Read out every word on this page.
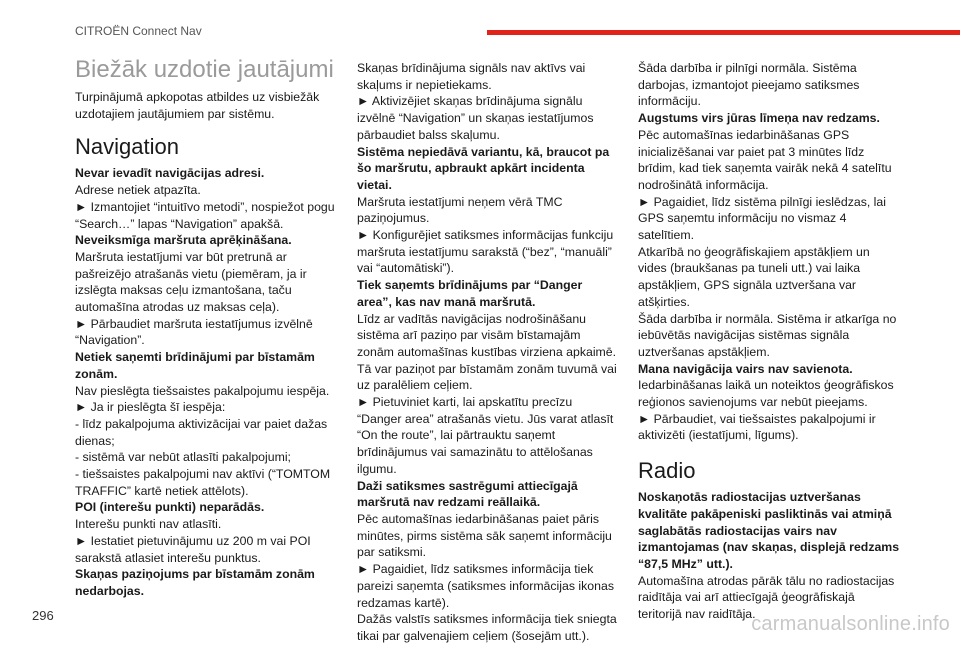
CITROËN Connect Nav
Biežāk uzdotie jautājumi

Turpinājumā apkopotas atbildes uz visbiežāk uzdotajiem jautājumiem par sistēmu.

Navigation

Nevar ievadīt navigācijas adresi.

Adrese netiek atpazīta.

► Izmantojiet “intuitīvo metodi”, nospiežot pogu “Search…” lapas “Navigation” apakšā.

Neveiksmīga maršruta aprēķināšana.

Maršruta iestatījumi var būt pretrunā ar pašreizējo atrašanās vietu (piemēram, ja ir izslēgta maksas ceļu izmantošana, taču automašīna atrodas uz maksas ceļa).

► Pārbaudiet maršruta iestatījumus izvēlnē “Navigation”.

Netiek saņemti brīdinājumi par bīstamām zonām.

Nav pieslēgta tiešsaistes pakalpojumu iespēja.

► Ja ir pieslēgta šī iespēja:

- līdz pakalpojuma aktivizācijai var paiet dažas dienas;

- sistēmā var nebūt atlasīti pakalpojumi;

- tiešsaistes pakalpojumi nav aktīvi (“TOMTOM TRAFFIC” kartē netiek attēlots).

POI (interešu punkti) neparādās.

Interešu punkti nav atlasīti.

► Iestatiet pietuvinājumu uz 200 m vai POI sarakstā atlasiet interešu punktus.

Skaņas paziņojums par bīstamām zonām nedarbojas.

Skaņas brīdinājuma signāls nav aktīvs vai skaļums ir nepietiekams.

► Aktivizējiet skaņas brīdinājuma signālu izvēlnē “Navigation” un skaņas iestatījumos pārbaudiet balss skaļumu.

Sistēma nepiedāvā variantu, kā, braucot pa šo maršrutu, apbraukt apkārt incidenta vietai.

Maršruta iestatījumi neņem vērā TMC paziņojumus.

► Konfigurējiet satiksmes informācijas funkciju maršruta iestatījumu sarakstā (“bez”, “manuāli” vai “automātiski”).

Tiek saņemts brīdinājums par “Danger area”, kas nav manā maršrutā.

Līdz ar vadītās navigācijas nodrošināšanu sistēma arī paziņo par visām bīstamajām zonām automašīnas kustības virziena apkaimē. Tā var paziņot par bīstamām zonām tuvumā vai uz paralēliem ceļiem.

► Pietuviniet karti, lai apskatītu precīzu “Danger area” atrašanās vietu. Jūs varat atlasīt “On the route”, lai pārtrauktu saņemt brīdinājumus vai samazinātu to attēlošanas ilgumu.

Daži satiksmes sastrēgumi attiecīgajā maršrutā nav redzami reāllaikā.

Pēc automašīnas iedarbināšanas paiet pāris minūtes, pirms sistēma sāk saņemt informāciju par satiksmi.

► Pagaidiet, līdz satiksmes informācija tiek pareizi saņemta (satiksmes informācijas ikonas redzamas kartē).

Dažās valstīs satiksmes informācija tiek sniegta tikai par galvenajiem ceļiem (šosejām utt.).

Šāda darbība ir pilnīgi normāla. Sistēma darbojas, izmantojot pieejamo satiksmes informāciju.

Augstums virs jūras līmeņa nav redzams.

Pēc automašīnas iedarbināšanas GPS inicializēšanai var paiet pat 3 minūtes līdz brīdim, kad tiek saņemta vairāk nekā 4 satelītu nodrošinātā informācija.

► Pagaidiet, līdz sistēma pilnīgi ieslēdzas, lai GPS saņemtu informāciju no vismaz 4 satelītiem.

Atkarībā no ģeogrāfiskajiem apstākļiem un vides (braukšanas pa tuneli utt.) vai laika apstākļiem, GPS signāla uztveršana var atšķirties.

Šāda darbība ir normāla. Sistēma ir atkarīga no iebūvētās navigācijas sistēmas signāla uztveršanas apstākļiem.

Mana navigācija vairs nav savienota.

Iedarbināšanas laikā un noteiktos ģeogrāfiskos reģionos savienojums var nebūt pieejams.

► Pārbaudiet, vai tiešsaistes pakalpojumi ir aktivizēti (iestatījumi, līgums).

Radio

Noskaņotās radiostacijas uztveršanas kvalitāte pakāpeniski pasliktinās vai atmiņā saglabātās radiostacijas vairs nav izmantojamas (nav skaņas, displejā redzams “87,5 MHz” utt.).

Automašīna atrodas pārāk tālu no radiostacijas raidītāja vai arī attiecīgajā ģeogrāfiskajā teritorijā nav raidītāja.

296	carmanualsonline.info
